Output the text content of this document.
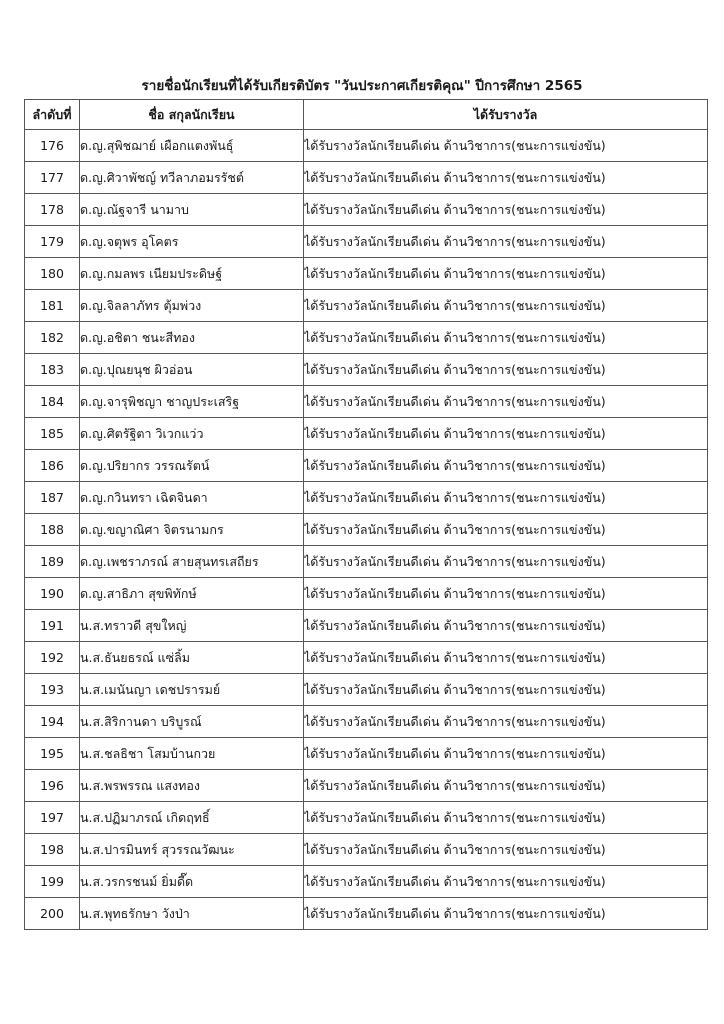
รายชื่อนักเรียนที่ได้รับเกียรติบัตร "วันประกาศเกียรติคุณ" ปีการศึกษา 2565
ลำดับที่	ชื่อ สกุลนักเรียน	ได้รับรางวัล
176	ด.ญ.สุพิชฌาย์ เผือกแตงพันธุ์	ได้รับรางวัลนักเรียนดีเด่น ด้านวิชาการ(ชนะการแข่งขัน)
177	ด.ญ.ศิวาพัชญ์ ทวีลาภอมรรัชต์	ได้รับรางวัลนักเรียนดีเด่น ด้านวิชาการ(ชนะการแข่งขัน)
178	ด.ญ.ณัฐจารี นามาบ	ได้รับรางวัลนักเรียนดีเด่น ด้านวิชาการ(ชนะการแข่งขัน)
179	ด.ญ.จตุพร อุโคตร	ได้รับรางวัลนักเรียนดีเด่น ด้านวิชาการ(ชนะการแข่งขัน)
180	ด.ญ.กมลพร เนียมประดิษฐ์	ได้รับรางวัลนักเรียนดีเด่น ด้านวิชาการ(ชนะการแข่งขัน)
181	ด.ญ.จิลลาภัทร ตุ้มพ่วง	ได้รับรางวัลนักเรียนดีเด่น ด้านวิชาการ(ชนะการแข่งขัน)
182	ด.ญ.อชิตา ชนะสีทอง	ได้รับรางวัลนักเรียนดีเด่น ด้านวิชาการ(ชนะการแข่งขัน)
183	ด.ญ.ปุณยนุช ผิวอ่อน	ได้รับรางวัลนักเรียนดีเด่น ด้านวิชาการ(ชนะการแข่งขัน)
184	ด.ญ.จารุพิชญา ชาญประเสริฐ	ได้รับรางวัลนักเรียนดีเด่น ด้านวิชาการ(ชนะการแข่งขัน)
185	ด.ญ.ศิตรัฐิตา วิเวกแว่ว	ได้รับรางวัลนักเรียนดีเด่น ด้านวิชาการ(ชนะการแข่งขัน)
186	ด.ญ.ปริยากร วรรณรัตน์	ได้รับรางวัลนักเรียนดีเด่น ด้านวิชาการ(ชนะการแข่งขัน)
187	ด.ญ.กวินทรา เฉิดจินดา	ได้รับรางวัลนักเรียนดีเด่น ด้านวิชาการ(ชนะการแข่งขัน)
188	ด.ญ.ขญาณิศา จิตรนามกร	ได้รับรางวัลนักเรียนดีเด่น ด้านวิชาการ(ชนะการแข่งขัน)
189	ด.ญ.เพชราภรณ์ สายสุนทรเสถียร	ได้รับรางวัลนักเรียนดีเด่น ด้านวิชาการ(ชนะการแข่งขัน)
190	ด.ญ.สาธิภา สุขพิทักษ์	ได้รับรางวัลนักเรียนดีเด่น ด้านวิชาการ(ชนะการแข่งขัน)
191	น.ส.ทราวดี สุขใหญ่	ได้รับรางวัลนักเรียนดีเด่น ด้านวิชาการ(ชนะการแข่งขัน)
192	น.ส.ธันยธรณ์ แซ่ลิ้ม	ได้รับรางวัลนักเรียนดีเด่น ด้านวิชาการ(ชนะการแข่งขัน)
193	น.ส.เมนันญา เดชปรารมย์	ได้รับรางวัลนักเรียนดีเด่น ด้านวิชาการ(ชนะการแข่งขัน)
194	น.ส.สิริกานดา บริบูรณ์	ได้รับรางวัลนักเรียนดีเด่น ด้านวิชาการ(ชนะการแข่งขัน)
195	น.ส.ชลธิชา โสมบ้านกวย	ได้รับรางวัลนักเรียนดีเด่น ด้านวิชาการ(ชนะการแข่งขัน)
196	น.ส.พรพรรณ แสงทอง	ได้รับรางวัลนักเรียนดีเด่น ด้านวิชาการ(ชนะการแข่งขัน)
197	น.ส.ปฏิมาภรณ์ เกิดฤทธิ์	ได้รับรางวัลนักเรียนดีเด่น ด้านวิชาการ(ชนะการแข่งขัน)
198	น.ส.ปารมินทร์ สุวรรณวัฒนะ	ได้รับรางวัลนักเรียนดีเด่น ด้านวิชาการ(ชนะการแข่งขัน)
199	น.ส.วรกรชนม์ ยิ่มดี๊ด	ได้รับรางวัลนักเรียนดีเด่น ด้านวิชาการ(ชนะการแข่งขัน)
200	น.ส.พุทธรักษา วังป่า	ได้รับรางวัลนักเรียนดีเด่น ด้านวิชาการ(ชนะการแข่งขัน)
